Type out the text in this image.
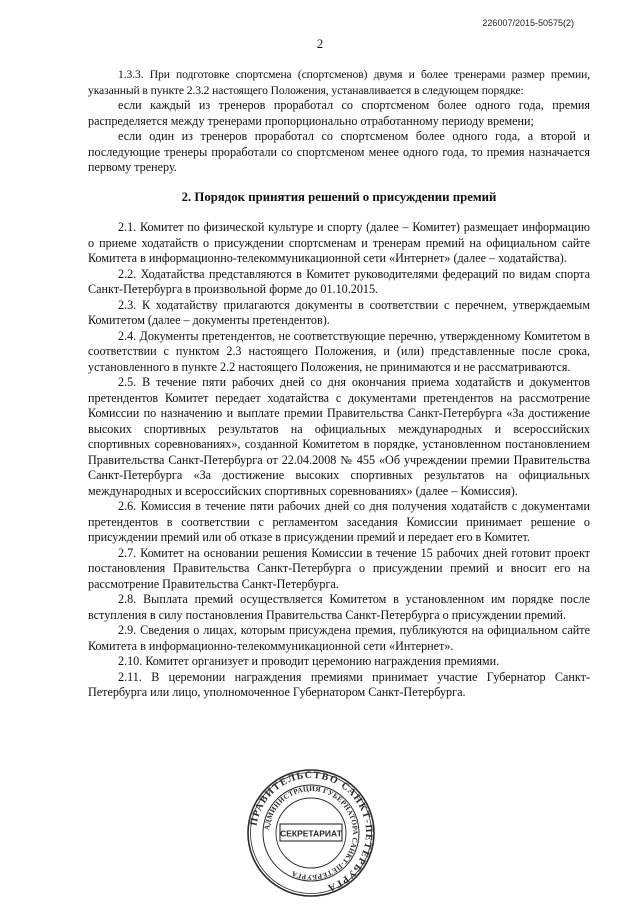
226007/2015-50575(2)
2

1.3.3. При подготовке спортсмена (спортсменов) двумя и более тренерами размер премии, указанный в пункте 2.3.2 настоящего Положения, устанавливается в следующем порядке:

если каждый из тренеров проработал со спортсменом более одного года, премия распределяется между тренерами пропорционально отработанному периоду времени;

если один из тренеров проработал со спортсменом более одного года, а второй и последующие тренеры проработали со спортсменом менее одного года, то премия назначается первому тренеру.

2. Порядок принятия решений о присуждении премий

2.1. Комитет по физической культуре и спорту (далее – Комитет) размещает информацию о приеме ходатайств о присуждении спортсменам и тренерам премий на официальном сайте Комитета в информационно-телекоммуникационной сети «Интернет» (далее – ходатайства).

2.2. Ходатайства представляются в Комитет руководителями федераций по видам спорта Санкт-Петербурга в произвольной форме до 01.10.2015.

2.3. К ходатайству прилагаются документы в соответствии с перечнем, утверждаемым Комитетом (далее – документы претендентов).

2.4. Документы претендентов, не соответствующие перечню, утвержденному Комитетом в соответствии с пунктом 2.3 настоящего Положения, и (или) представленные после срока, установленного в пункте 2.2 настоящего Положения, не принимаются и не рассматриваются.

2.5. В течение пяти рабочих дней со дня окончания приема ходатайств и документов претендентов Комитет передает ходатайства с документами претендентов на рассмотрение Комиссии по назначению и выплате премии Правительства Санкт-Петербурга «За достижение высоких спортивных результатов на официальных международных и всероссийских спортивных соревнованиях», созданной Комитетом в порядке, установленном постановлением Правительства Санкт-Петербурга от 22.04.2008 № 455 «Об учреждении премии Правительства Санкт-Петербурга «За достижение высоких спортивных результатов на официальных международных и всероссийских спортивных соревнованиях» (далее – Комиссия).

2.6. Комиссия в течение пяти рабочих дней со дня получения ходатайств с документами претендентов в соответствии с регламентом заседания Комиссии принимает решение о присуждении премий или об отказе в присуждении премий и передает его в Комитет.

2.7. Комитет на основании решения Комиссии в течение 15 рабочих дней готовит проект постановления Правительства Санкт-Петербурга о присуждении премий и вносит его на рассмотрение Правительства Санкт-Петербурга.

2.8. Выплата премий осуществляется Комитетом в установленном им порядке после вступления в силу постановления Правительства Санкт-Петербурга о присуждении премий.

2.9. Сведения о лицах, которым присуждена премия, публикуются на официальном сайте Комитета в информационно-телекоммуникационной сети «Интернет».

2.10. Комитет организует и проводит церемонию награждения премиями.

2.11. В церемонии награждения премиями принимает участие Губернатор Санкт-Петербурга или лицо, уполномоченное Губернатором Санкт-Петербурга.

ПРАВИТЕЛЬСТВО САНКТ-ПЕТЕРБУРГА
АДМИНИСТРАЦИЯ ГУБЕРНАТОРА САНКТ-ПЕТЕРБУРГА
СЕКРЕТАРИАТ
